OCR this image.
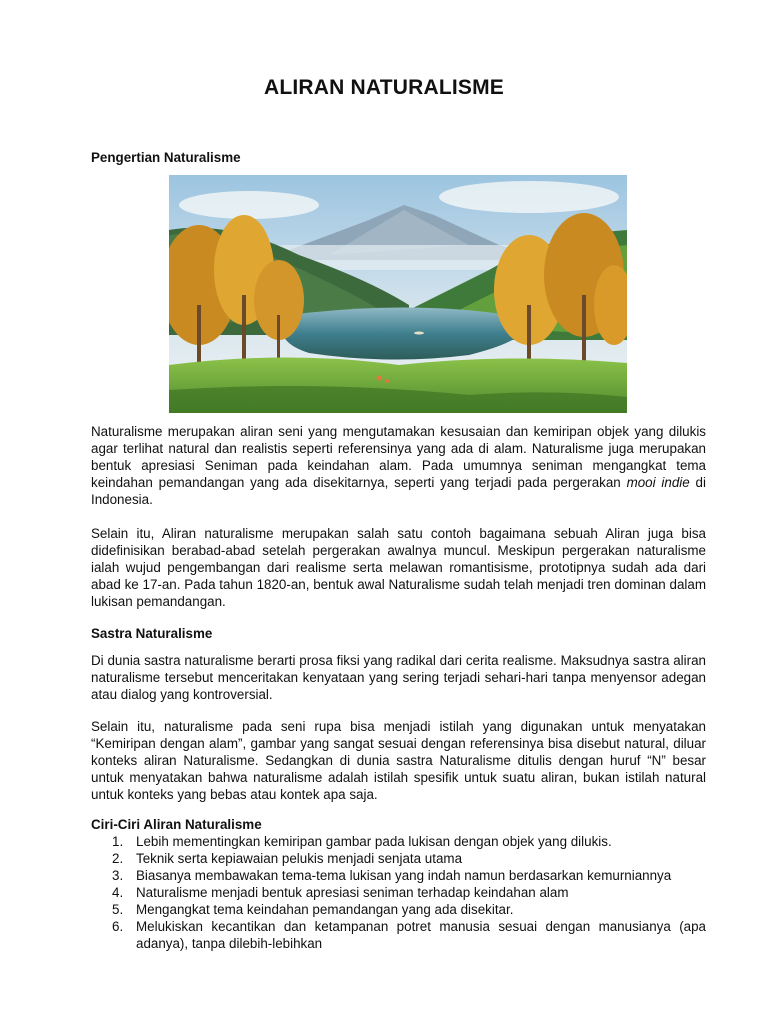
ALIRAN NATURALISME
Pengertian Naturalisme

Naturalisme merupakan aliran seni yang mengutamakan kesusaian dan kemiripan objek yang dilukis agar terlihat natural dan realistis seperti referensinya yang ada di alam. Naturalisme juga merupakan bentuk apresiasi Seniman pada keindahan alam. Pada umumnya seniman mengangkat tema keindahan pemandangan yang ada disekitarnya, seperti yang terjadi pada pergerakan mooi indie di Indonesia.

Selain itu, Aliran naturalisme merupakan salah satu contoh bagaimana sebuah Aliran juga bisa didefinisikan berabad-abad setelah pergerakan awalnya muncul. Meskipun pergerakan naturalisme ialah wujud pengembangan dari realisme serta melawan romantisisme, prototipnya sudah ada dari abad ke 17-an. Pada tahun 1820-an, bentuk awal Naturalisme sudah telah menjadi tren dominan dalam lukisan pemandangan.

Sastra Naturalisme

Di dunia sastra naturalisme berarti prosa fiksi yang radikal dari cerita realisme. Maksudnya sastra aliran naturalisme tersebut menceritakan kenyataan yang sering terjadi sehari-hari tanpa menyensor adegan atau dialog yang kontroversial.

Selain itu, naturalisme pada seni rupa bisa menjadi istilah yang digunakan untuk menyatakan “Kemiripan dengan alam”, gambar yang sangat sesuai dengan referensinya bisa disebut natural, diluar konteks aliran Naturalisme. Sedangkan di dunia sastra Naturalisme ditulis dengan huruf “N” besar untuk menyatakan bahwa naturalisme adalah istilah spesifik untuk suatu aliran, bukan istilah natural untuk konteks yang bebas atau kontek apa saja.

Ciri-Ciri Aliran Naturalisme
1. Lebih mementingkan kemiripan gambar pada lukisan dengan objek yang dilukis.
2. Teknik serta kepiawaian pelukis menjadi senjata utama
3. Biasanya membawakan tema-tema lukisan yang indah namun berdasarkan kemurniannya
4. Naturalisme menjadi bentuk apresiasi seniman terhadap keindahan alam
5. Mengangkat tema keindahan pemandangan yang ada disekitar.
6. Melukiskan kecantikan dan ketampanan potret manusia sesuai dengan manusianya (apa adanya), tanpa dilebih-lebihkan
